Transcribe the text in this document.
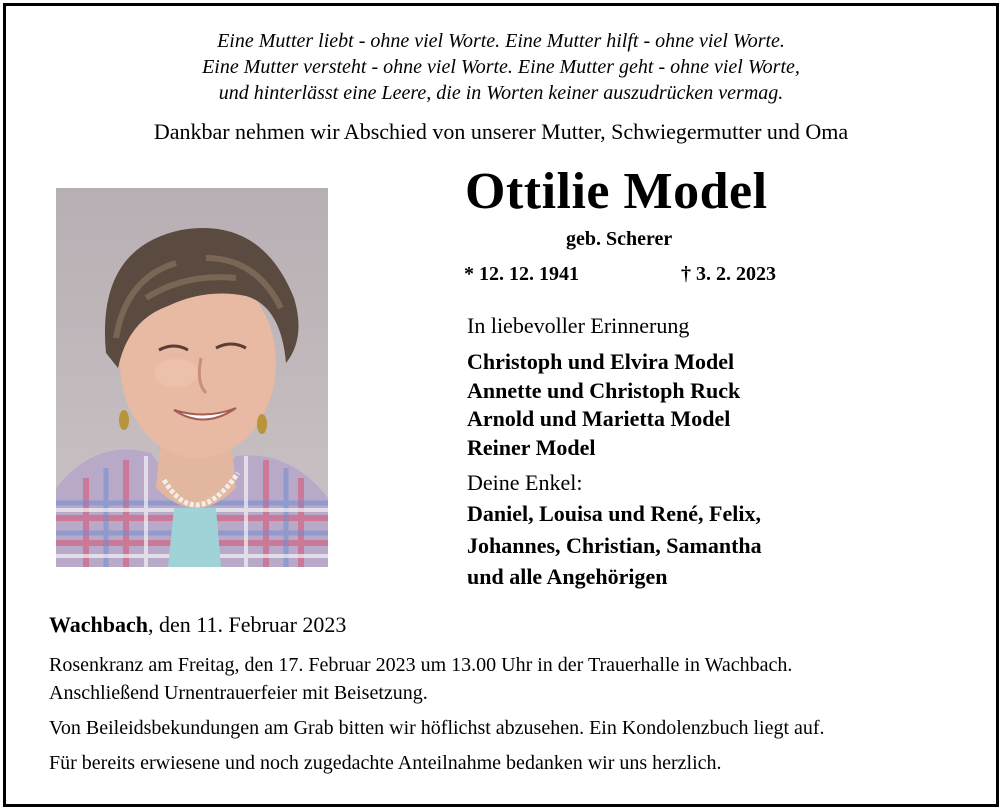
Eine Mutter liebt - ohne viel Worte. Eine Mutter hilft - ohne viel Worte.
Eine Mutter versteht - ohne viel Worte. Eine Mutter geht - ohne viel Worte,
und hinterlässt eine Leere, die in Worten keiner auszudrücken vermag.
Dankbar nehmen wir Abschied von unserer Mutter, Schwiegermutter und Oma
Ottilie Model
geb. Scherer
* 12. 12. 1941	† 3. 2. 2023
In liebevoller Erinnerung
Christoph und Elvira Model
Annette und Christoph Ruck
Arnold und Marietta Model
Reiner Model
Deine Enkel:
Daniel, Louisa und René, Felix,
Johannes, Christian, Samantha
und alle Angehörigen
Wachbach, den 11. Februar 2023
Rosenkranz am Freitag, den 17. Februar 2023 um 13.00 Uhr in der Trauerhalle in Wachbach.
Anschließend Urnentrauerfeier mit Beisetzung.
Von Beileidsbekundungen am Grab bitten wir höflichst abzusehen. Ein Kondolenzbuch liegt auf.
Für bereits erwiesene und noch zugedachte Anteilnahme bedanken wir uns herzlich.
